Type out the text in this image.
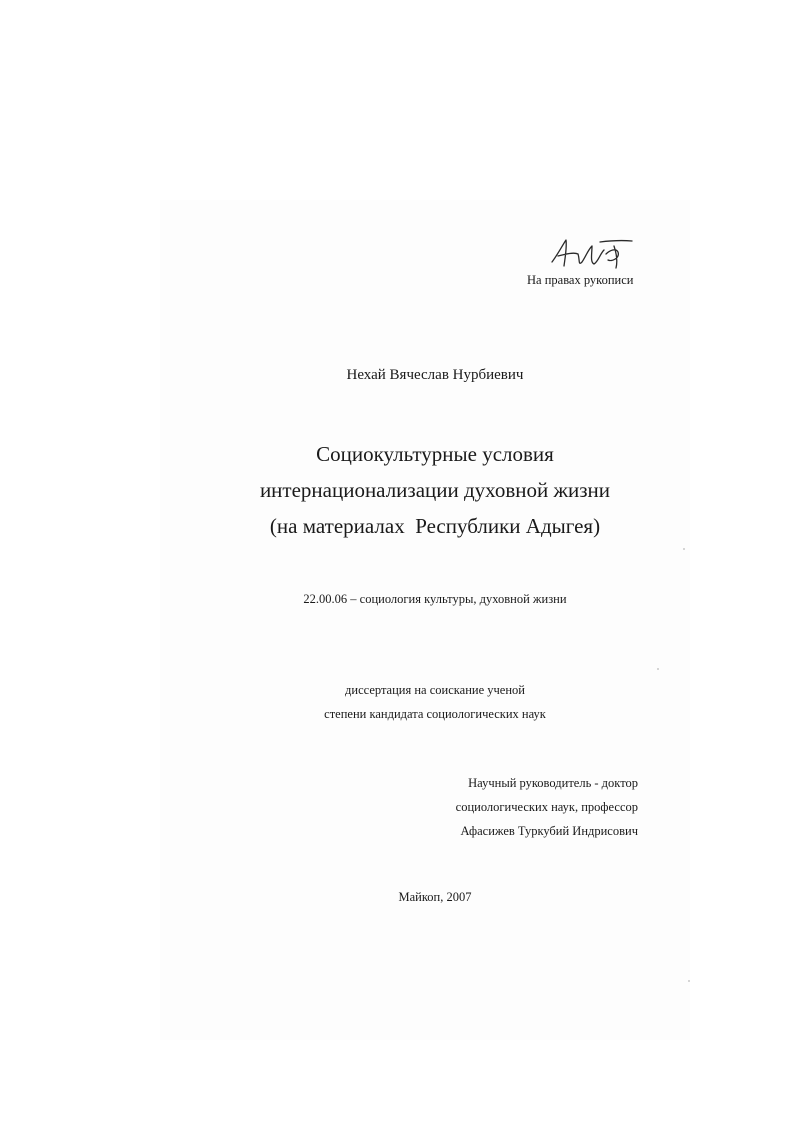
На правах рукописи
Нехай Вячеслав Нурбиевич
Социокультурные условия
интернационализации духовной жизни
(на материалах  Республики Адыгея)
22.00.06 – социология культуры, духовной жизни
диссертация на соискание ученой
степени кандидата социологических наук
Научный руководитель - доктор
социологических наук, профессор
Афасижев Туркубий Индрисович
Майкоп, 2007
